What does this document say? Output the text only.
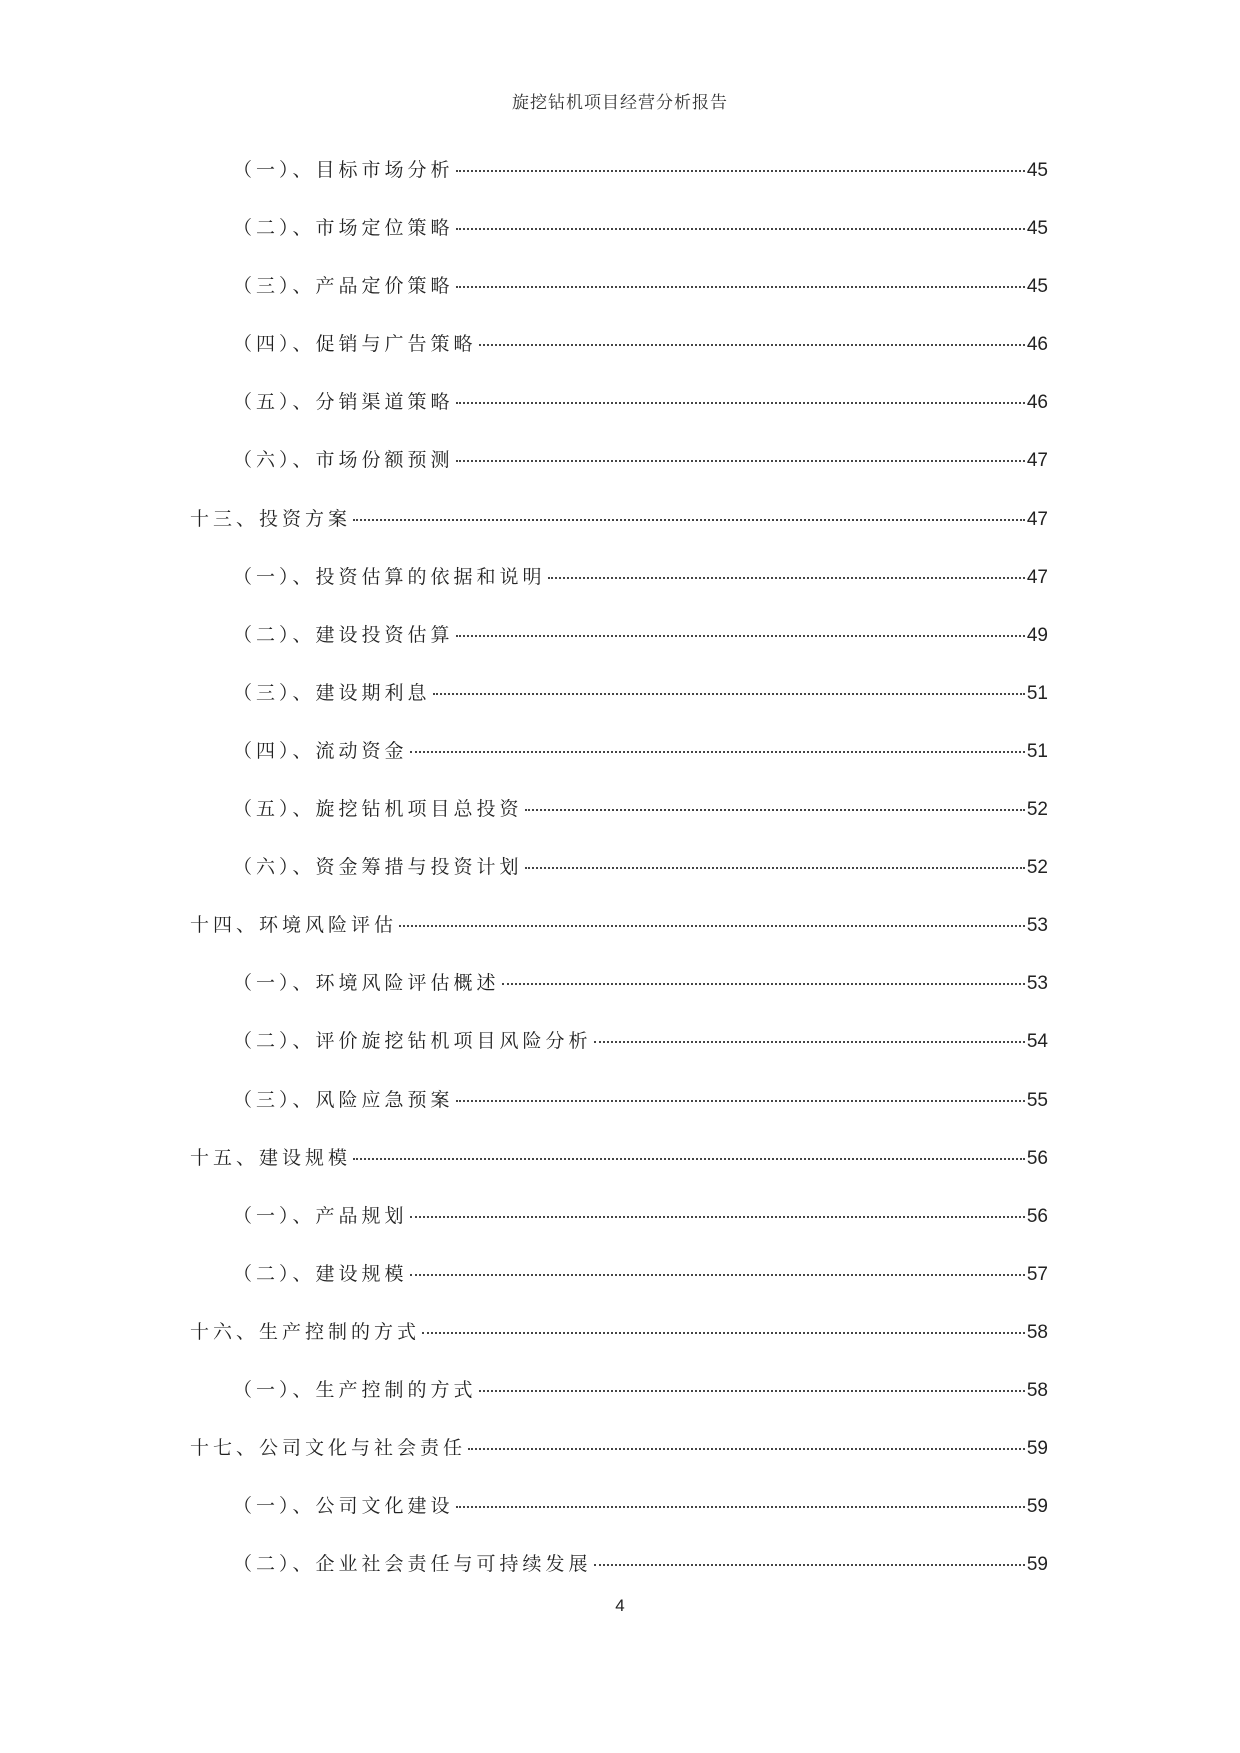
旋挖钻机项目经营分析报告
（一）、目标市场分析	45
（二）、市场定位策略	45
（三）、产品定价策略	45
（四）、促销与广告策略	46
（五）、分销渠道策略	46
（六）、市场份额预测	47
十三、投资方案	47
（一）、投资估算的依据和说明	47
（二）、建设投资估算	49
（三）、建设期利息	51
（四）、流动资金	51
（五）、旋挖钻机项目总投资	52
（六）、资金筹措与投资计划	52
十四、环境风险评估	53
（一）、环境风险评估概述	53
（二）、评价旋挖钻机项目风险分析	54
（三）、风险应急预案	55
十五、建设规模	56
（一）、产品规划	56
（二）、建设规模	57
十六、生产控制的方式	58
（一）、生产控制的方式	58
十七、公司文化与社会责任	59
（一）、公司文化建设	59
（二）、企业社会责任与可持续发展	59
4
